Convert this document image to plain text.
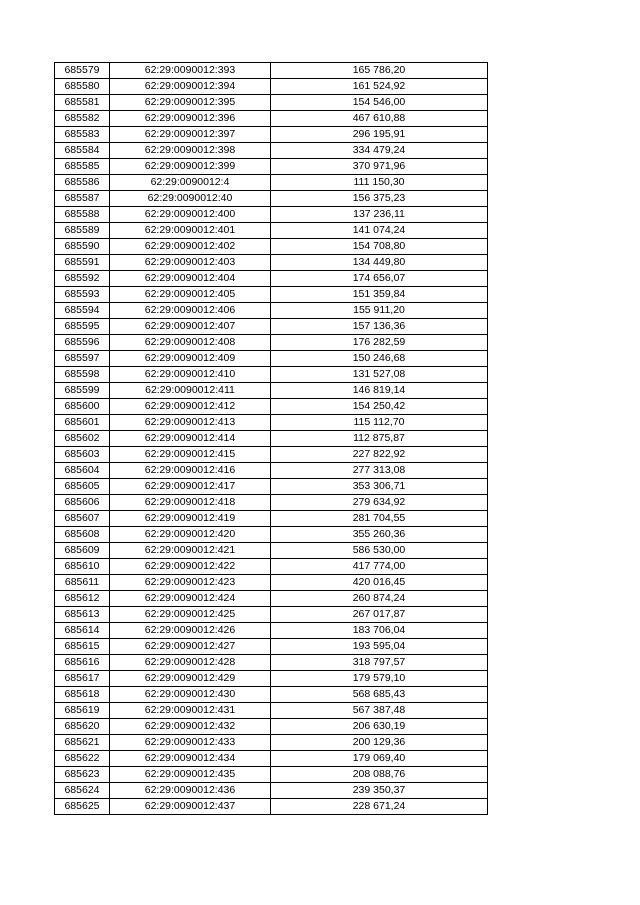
685579	62:29:0090012:393	165 786,20
685580	62:29:0090012:394	161 524,92
685581	62:29:0090012:395	154 546,00
685582	62:29:0090012:396	467 610,88
685583	62:29:0090012:397	296 195,91
685584	62:29:0090012:398	334 479,24
685585	62:29:0090012:399	370 971,96
685586	62:29:0090012:4	111 150,30
685587	62:29:0090012:40	156 375,23
685588	62:29:0090012:400	137 236,11
685589	62:29:0090012:401	141 074,24
685590	62:29:0090012:402	154 708,80
685591	62:29:0090012:403	134 449,80
685592	62:29:0090012:404	174 656,07
685593	62:29:0090012:405	151 359,84
685594	62:29:0090012:406	155 911,20
685595	62:29:0090012:407	157 136,36
685596	62:29:0090012:408	176 282,59
685597	62:29:0090012:409	150 246,68
685598	62:29:0090012:410	131 527,08
685599	62:29:0090012:411	146 819,14
685600	62:29:0090012:412	154 250,42
685601	62:29:0090012:413	115 112,70
685602	62:29:0090012:414	112 875,87
685603	62:29:0090012:415	227 822,92
685604	62:29:0090012:416	277 313,08
685605	62:29:0090012:417	353 306,71
685606	62:29:0090012:418	279 634,92
685607	62:29:0090012:419	281 704,55
685608	62:29:0090012:420	355 260,36
685609	62:29:0090012:421	586 530,00
685610	62:29:0090012:422	417 774,00
685611	62:29:0090012:423	420 016,45
685612	62:29:0090012:424	260 874,24
685613	62:29:0090012:425	267 017,87
685614	62:29:0090012:426	183 706,04
685615	62:29:0090012:427	193 595,04
685616	62:29:0090012:428	318 797,57
685617	62:29:0090012:429	179 579,10
685618	62:29:0090012:430	568 685,43
685619	62:29:0090012:431	567 387,48
685620	62:29:0090012:432	206 630,19
685621	62:29:0090012:433	200 129,36
685622	62:29:0090012:434	179 069,40
685623	62:29:0090012:435	208 088,76
685624	62:29:0090012:436	239 350,37
685625	62:29:0090012:437	228 671,24
